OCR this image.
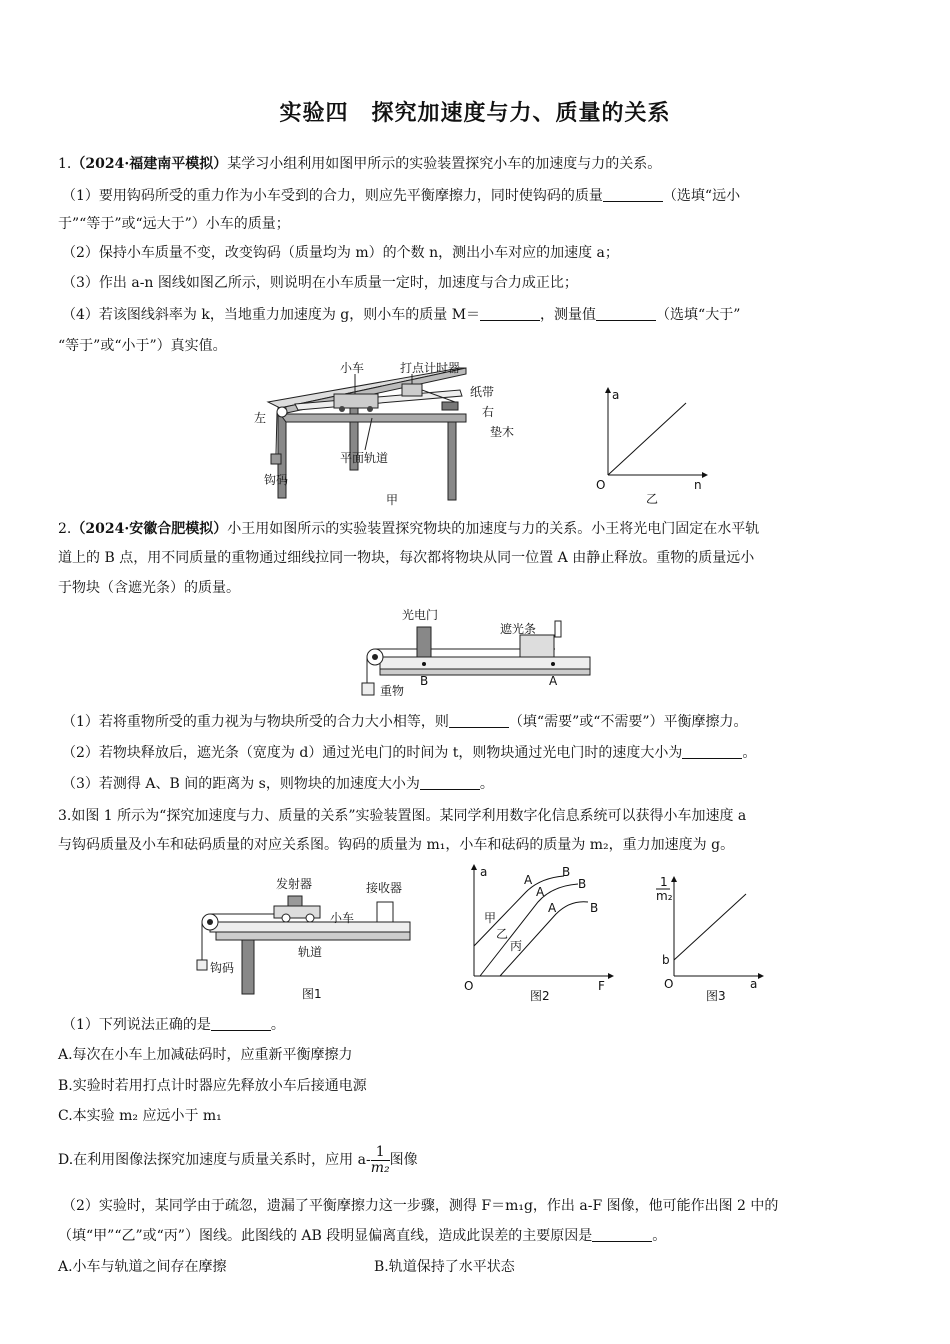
实验四　探究加速度与力、质量的关系
1.（2024·福建南平模拟）某学习小组利用如图甲所示的实验装置探究小车的加速度与力的关系。
（1）要用钩码所受的重力作为小车受到的合力，则应先平衡摩擦力，同时使钩码的质量	（选填“远小
于”“等于”或“远大于”）小车的质量；
（2）保持小车质量不变，改变钩码（质量均为 m）的个数 n，测出小车对应的加速度 a；
（3）作出 a-n 图线如图乙所示，则说明在小车质量一定时，加速度与合力成正比；
（4）若该图线斜率为 k，当地重力加速度为 g，则小车的质量 M＝	，测量值	（选填“大于”
“等于”或“小于”）真实值。
小车	打点计时器
纸带
左	右
垫木
平面轨道
钩码
甲
a
n
O
乙
2.（2024·安徽合肥模拟）小王用如图所示的实验装置探究物块的加速度与力的关系。小王将光电门固定在水平轨
道上的 B 点，用不同质量的重物通过细线拉同一物块，每次都将物块从同一位置 A 由静止释放。重物的质量远小
于物块（含遮光条）的质量。
光电门
遮光条
B	A
重物
（1）若将重物所受的重力视为与物块所受的合力大小相等，则	（填“需要”或“不需要”）平衡摩擦力。
（2）若物块释放后，遮光条（宽度为 d）通过光电门的时间为 t，则物块通过光电门时的速度大小为	。
（3）若测得 A、B 间的距离为 s，则物块的加速度大小为	。
3.如图 1 所示为“探究加速度与力、质量的关系”实验装置图。某同学利用数字化信息系统可以获得小车加速度 a
与钩码质量及小车和砝码质量的对应关系图。钩码的质量为 m₁，小车和砝码的质量为 m₂，重力加速度为 g。
发射器	接收器
小车
轨道
钩码
图1
a
F
O
甲
乙
丙
A
A
A
B
B
B
图2
1
m₂
a
O
b
图3
（1）下列说法正确的是	。
A.每次在小车上加减砝码时，应重新平衡摩擦力
B.实验时若用打点计时器应先释放小车后接通电源
C.本实验 m₂ 应远小于 m₁
D.在利用图像法探究加速度与质量关系时，应用 $a- \frac{1}{\text{m₂}}$图像
（2）实验时，某同学由于疏忽，遗漏了平衡摩擦力这一步骤，测得 F＝m₁g，作出 a-F 图像，他可能作出图 2 中的
（填“甲”“乙”或“丙”）图线。此图线的 AB 段明显偏离直线，造成此误差的主要原因是	。
A.小车与轨道之间存在摩擦	B.轨道保持了水平状态
